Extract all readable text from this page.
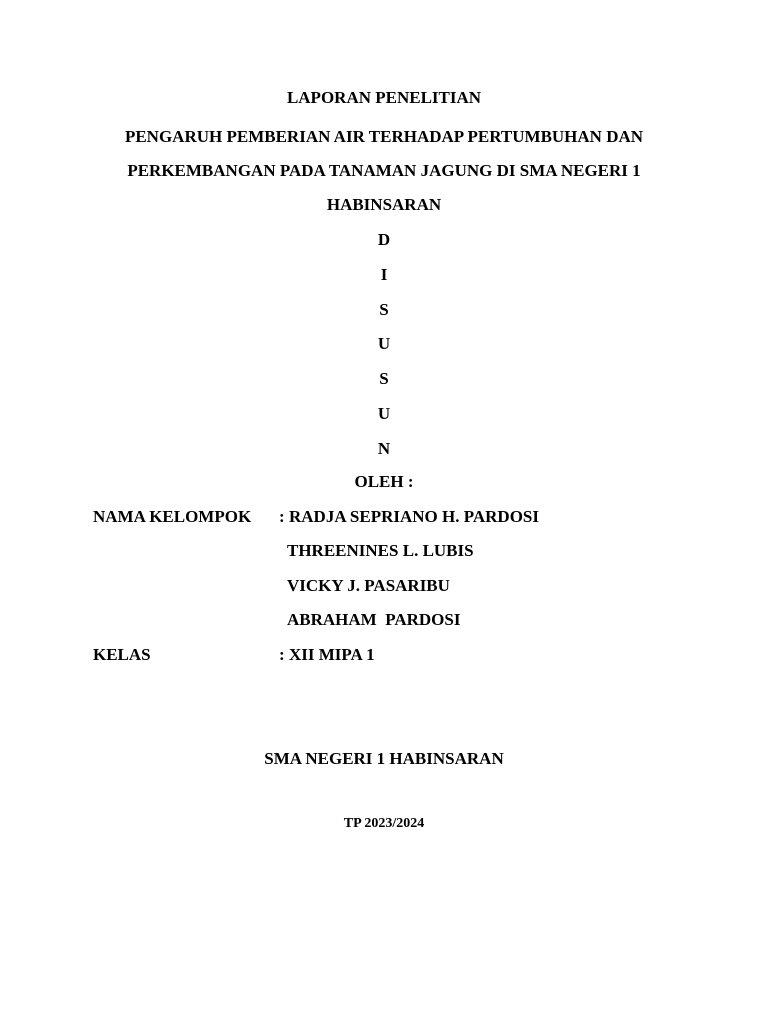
LAPORAN PENELITIAN
PENGARUH PEMBERIAN AIR TERHADAP PERTUMBUHAN DAN
PERKEMBANGAN PADA TANAMAN JAGUNG DI SMA NEGERI 1
HABINSARAN
D
I
S
U
S
U
N
OLEH :
NAMA KELOMPOK : RADJA SEPRIANO H. PARDOSI
THREENINES L. LUBIS
VICKY J. PASARIBU
ABRAHAM  PARDOSI
KELAS	: XII MIPA 1
SMA NEGERI 1 HABINSARAN
TP 2023/2024
